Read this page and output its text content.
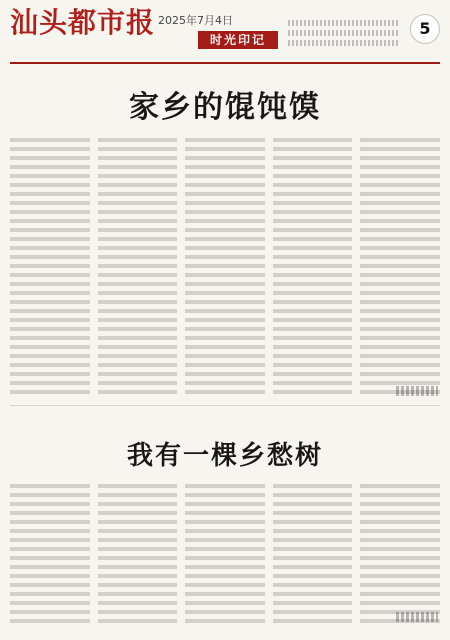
汕头都市报 2025年7月4日
时光印记
5
家乡的馄饨馍
我有一棵乡愁树
